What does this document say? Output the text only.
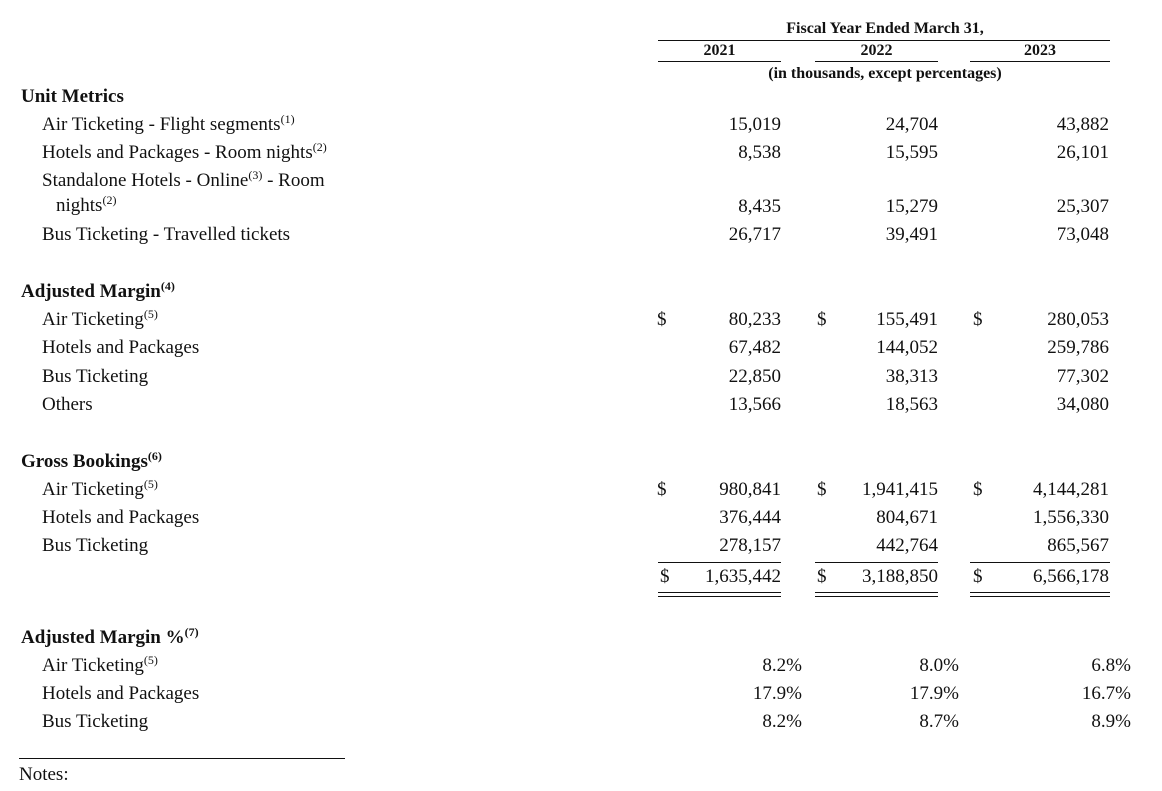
Fiscal Year Ended March 31,
2021	2022	2023
(in thousands, except percentages)
Unit Metrics
Air Ticketing - Flight segments$^{(1)}$	15,019	24,704	43,882
Hotels and Packages - Room nights$^{(2)}$	8,538	15,595	26,101
Standalone Hotels - Online$^{(3)}$ - Room
nights$^{(2)}$	8,435	15,279	25,307
Bus Ticketing - Travelled tickets	26,717	39,491	73,048
Adjusted Margin$^{(4)}$
Air Ticketing$^{(5)}$	$	80,233 $	155,491 $	280,053
Hotels and Packages	67,482	144,052	259,786
Bus Ticketing	22,850	38,313	77,302
Others	13,566	18,563	34,080
Gross Bookings$^{(6)}$
Air Ticketing$^{(5)}$	$	980,841 $	1,941,415 $	4,144,281
Hotels and Packages	376,444	804,671	1,556,330
Bus Ticketing	278,157	442,764	865,567
$	1,635,442 $	3,188,850 $	6,566,178
Adjusted Margin %$^{(7)}$
Air Ticketing$^{(5)}$	8.2%	8.0%	6.8%
Hotels and Packages	17.9%	17.9%	16.7%
Bus Ticketing	8.2%	8.7%	8.9%
Notes:
